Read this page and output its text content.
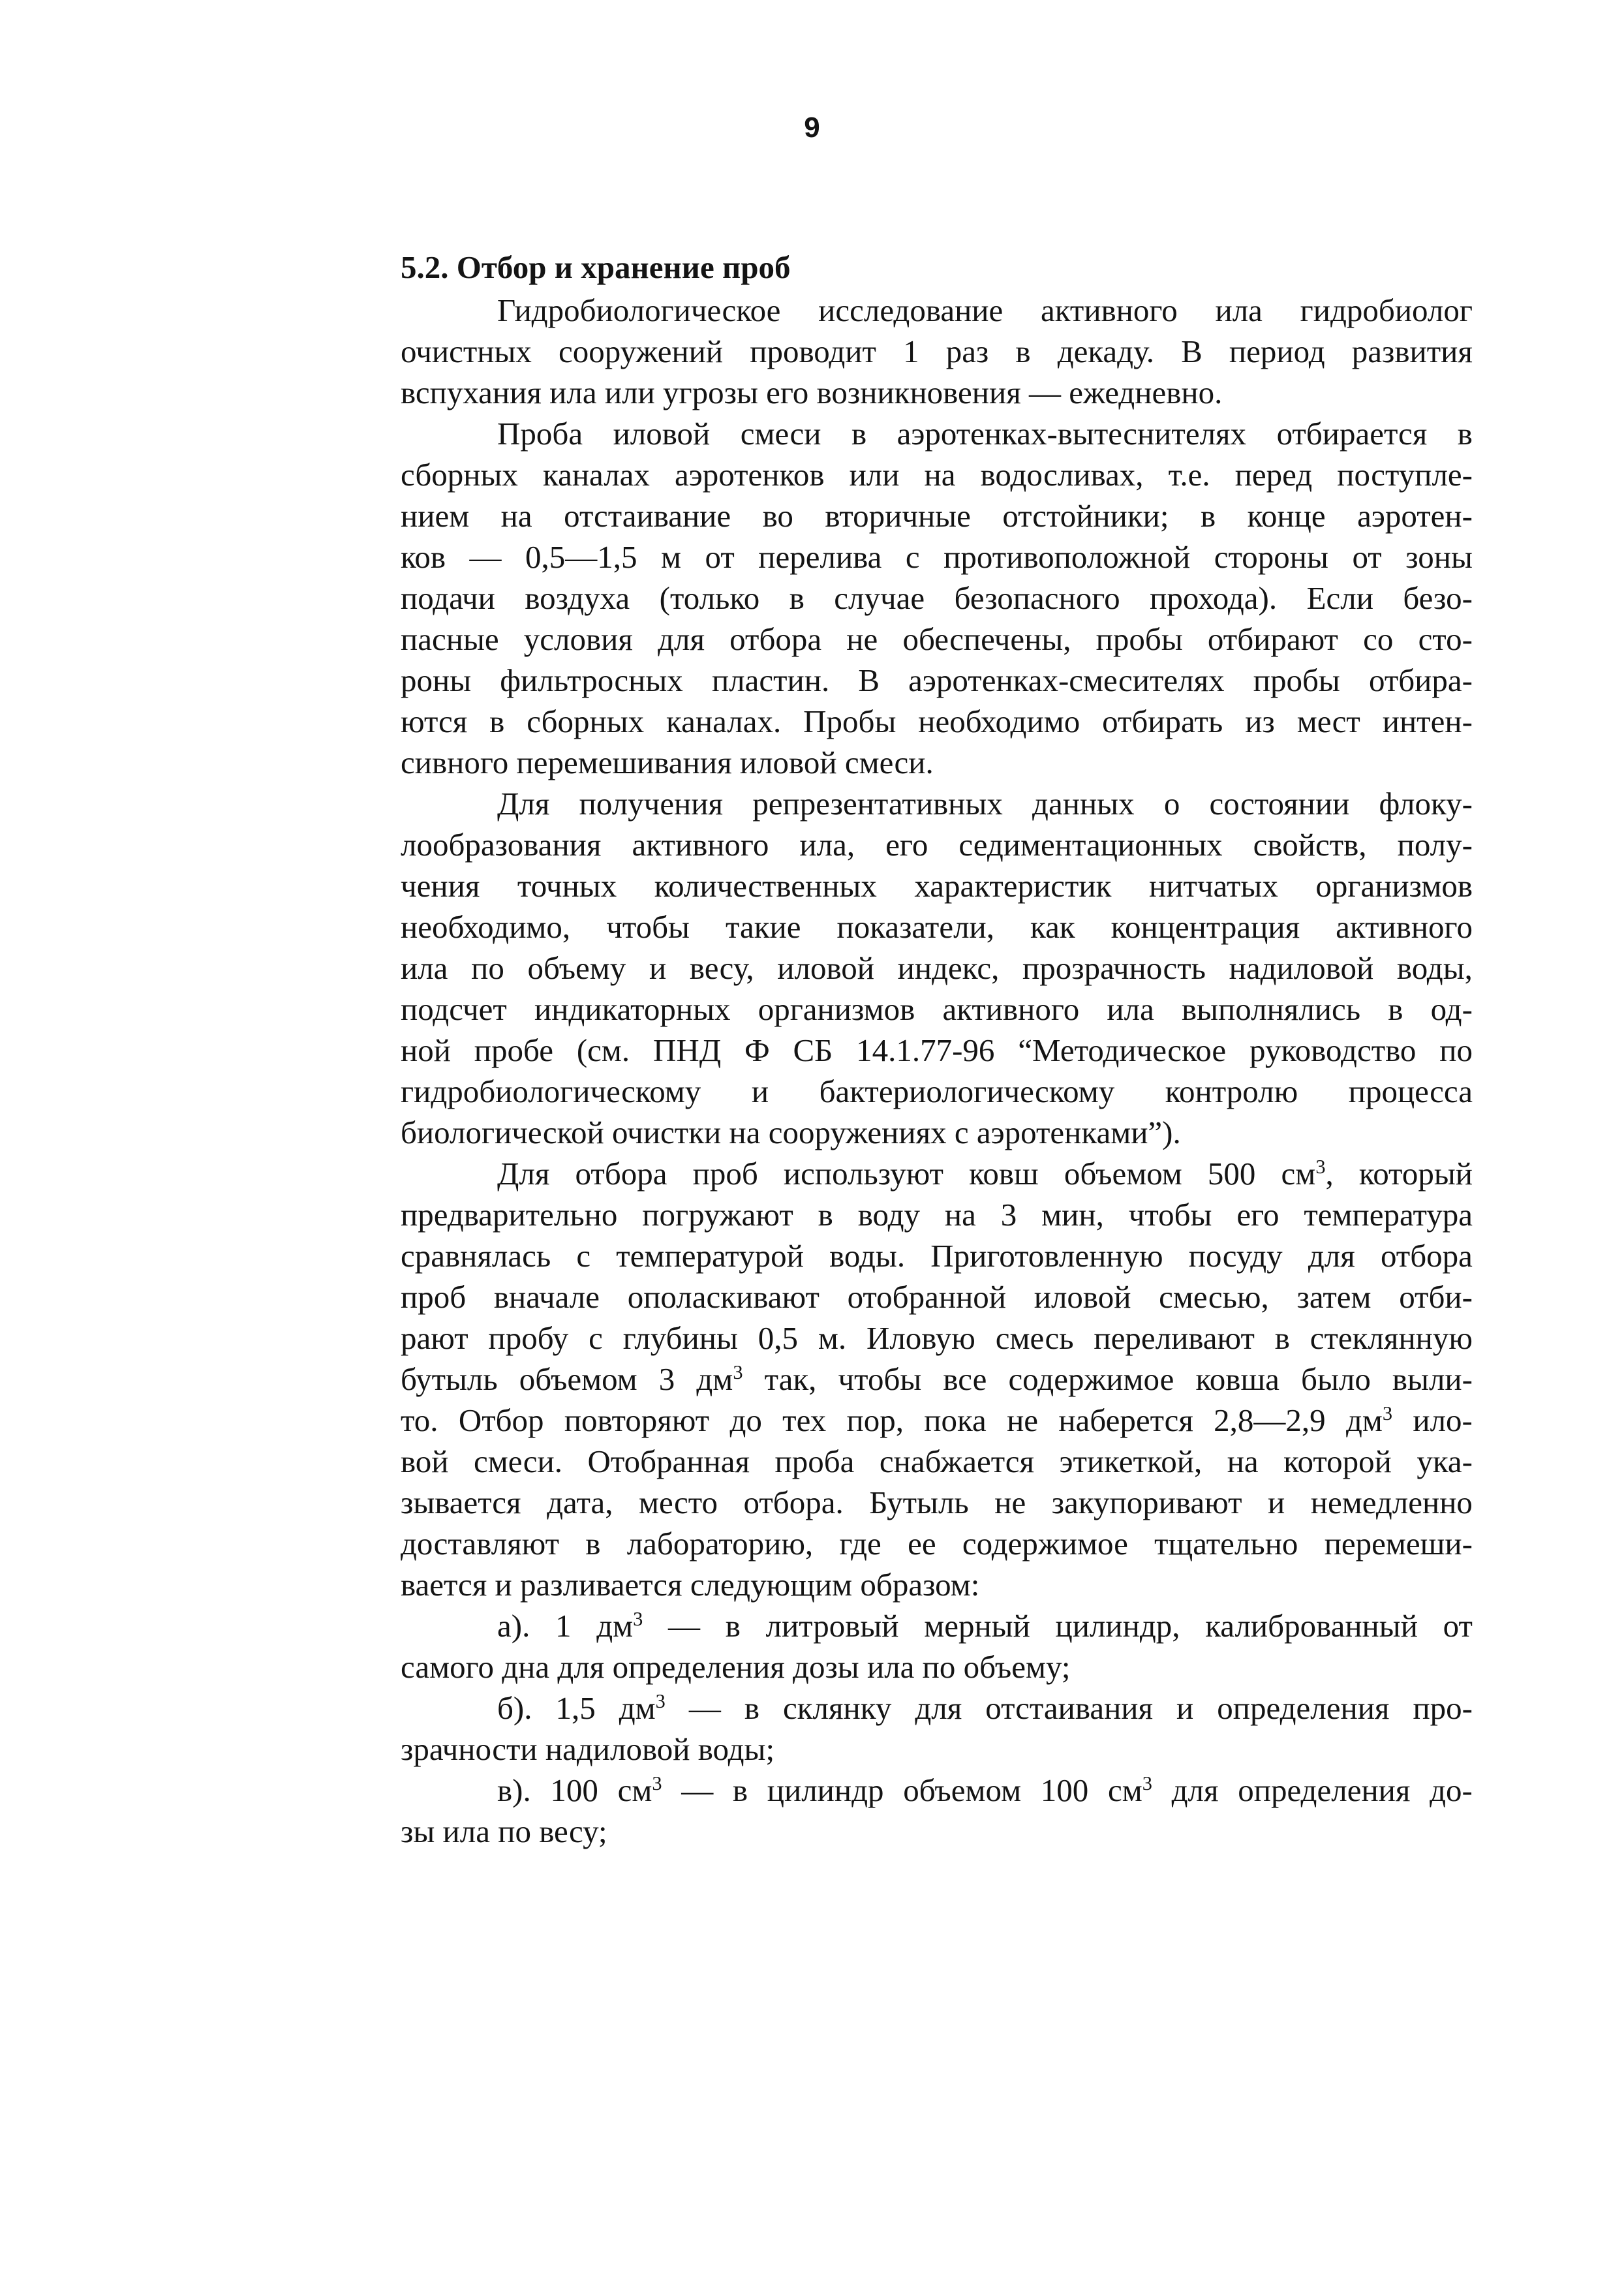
9
5.2. Отбор и хранение проб
Гидробиологическое исследование активного ила гидробиолог
очистных сооружений проводит 1 раз в декаду. В период развития
вспухания
ила
или
угрозы
его
возникновения
—
ежедневно.
Проба иловой смеси в аэротенках-вытеснителях отбирается в
сборных каналах аэротенков или на водосливах, т.е. перед поступле-
нием на отстаивание во вторичные отстойники; в конце аэротен-
ков — 0,5—1,5 м от перелива с противоположной стороны от зоны
подачи воздуха (только в случае безопасного прохода). Если безо-
пасные условия для отбора не обеспечены, пробы отбирают со сто-
роны фильтросных пластин. В аэротенках-смесителях пробы отбира-
ются в сборных каналах. Пробы необходимо отбирать из мест интен-
сивного
перемешивания
иловой
смеси.
Для получения репрезентативных данных о состоянии флоку-
лообразования активного ила, его седиментационных свойств, полу-
чения точных количественных характеристик нитчатых организмов
необходимо, чтобы такие показатели, как концентрация активного
ила по объему и весу, иловой индекс, прозрачность надиловой воды,
подсчет индикаторных организмов активного ила выполнялись в од-
ной пробе (см. ПНД Ф СБ 14.1.77-96 “Методическое руководство по
гидробиологическому и бактериологическому контролю процесса
биологической
очистки
на
сооружениях
с
аэротенками”).
Для отбора проб используют ковш объемом 500 $см^3$, который
предварительно погружают в воду на 3 мин, чтобы его температура
сравнялась с температурой воды. Приготовленную посуду для отбора
проб вначале ополаскивают отобранной иловой смесью, затем отби-
рают пробу с глубины 0,5 м. Иловую смесь переливают в стеклянную
бутыль объемом 3 $дм^3$ так, чтобы все содержимое ковша было выли-
то. Отбор повторяют до тех пор, пока не наберется 2,8—2,9 $дм^3$ ило-
вой смеси. Отобранная проба снабжается этикеткой, на которой ука-
зывается дата, место отбора. Бутыль не закупоривают и немедленно
доставляют в лабораторию, где ее содержимое тщательно перемеши-
вается
и
разливается
следующим
образом:
а). 1 $дм^3$ — в литровый мерный цилиндр, калиброванный от
самого
дна
для
определения
дозы
ила
по
объему;
б). 1,5 $дм^3$ — в склянку для отстаивания и определения про-
зрачности
надиловой
воды;
в). 100 $см^3$ — в цилиндр объемом 100 $см^3$ для определения до-
зы
ила
по
весу;
